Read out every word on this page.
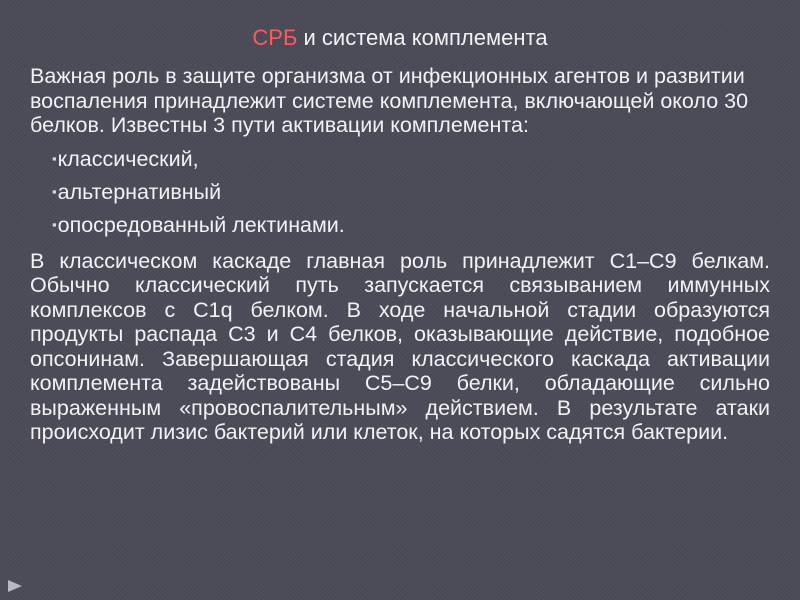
СРБ и система комплемента

Важная роль в защите организма от инфекционных агентов и развитии воспаления принадлежит системе комплемента, включающей около 30 белков. Известны 3 пути активации комплемента:

▪классический,
▪альтернативный
▪опосредованный лектинами.

В классическом каскаде главная роль принадлежит C1–C9 белкам. Обычно классический путь запускается связыванием иммунных комплексов с C1q белком. В ходе начальной стадии образуются продукты распада C3 и C4 белков, оказывающие действие, подобное опсонинам. Завершающая стадия классического каскада активации комплемента задействованы C5–C9 белки, обладающие сильно выраженным «провоспалительным» действием. В результате атаки происходит лизис бактерий или клеток, на которых садятся бактерии.
